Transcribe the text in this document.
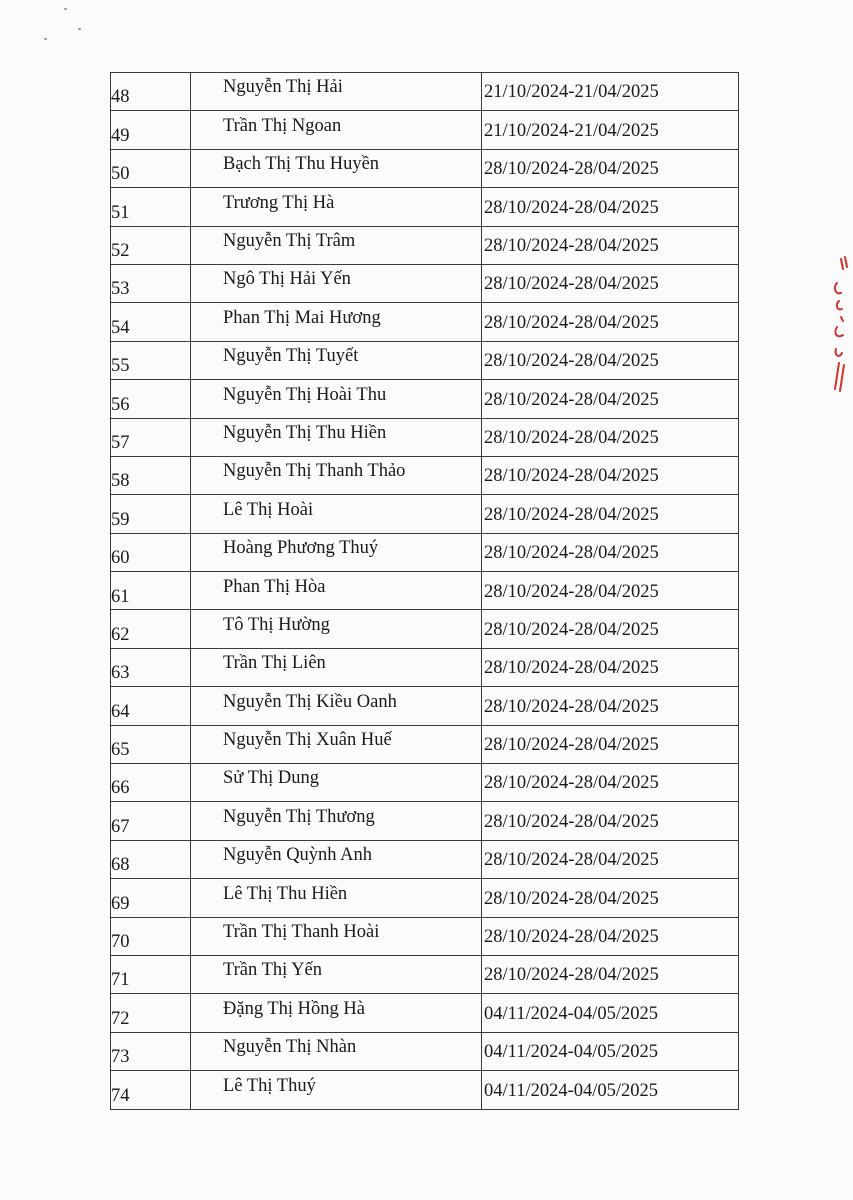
48	Nguyễn Thị Hải	21/10/2024-21/04/2025
49	Trần Thị Ngoan	21/10/2024-21/04/2025
50	Bạch Thị Thu Huyền	28/10/2024-28/04/2025
51	Trương Thị Hà	28/10/2024-28/04/2025
52	Nguyễn Thị Trâm	28/10/2024-28/04/2025
53	Ngô Thị Hải Yến	28/10/2024-28/04/2025
54	Phan Thị Mai Hương	28/10/2024-28/04/2025
55	Nguyễn Thị Tuyết	28/10/2024-28/04/2025
56	Nguyễn Thị Hoài Thu	28/10/2024-28/04/2025
57	Nguyễn Thị Thu Hiền	28/10/2024-28/04/2025
58	Nguyễn Thị Thanh Thảo	28/10/2024-28/04/2025
59	Lê Thị Hoài	28/10/2024-28/04/2025
60	Hoàng Phương Thuý	28/10/2024-28/04/2025
61	Phan Thị Hòa	28/10/2024-28/04/2025
62	Tô Thị Hường	28/10/2024-28/04/2025
63	Trần Thị Liên	28/10/2024-28/04/2025
64	Nguyễn Thị Kiều Oanh	28/10/2024-28/04/2025
65	Nguyễn Thị Xuân Huế	28/10/2024-28/04/2025
66	Sử Thị Dung	28/10/2024-28/04/2025
67	Nguyễn Thị Thương	28/10/2024-28/04/2025
68	Nguyễn Quỳnh Anh	28/10/2024-28/04/2025
69	Lê Thị Thu Hiền	28/10/2024-28/04/2025
70	Trần Thị Thanh Hoài	28/10/2024-28/04/2025
71	Trần Thị Yến	28/10/2024-28/04/2025
72	Đặng Thị Hồng Hà	04/11/2024-04/05/2025
73	Nguyễn Thị Nhàn	04/11/2024-04/05/2025
74	Lê Thị Thuý	04/11/2024-04/05/2025
